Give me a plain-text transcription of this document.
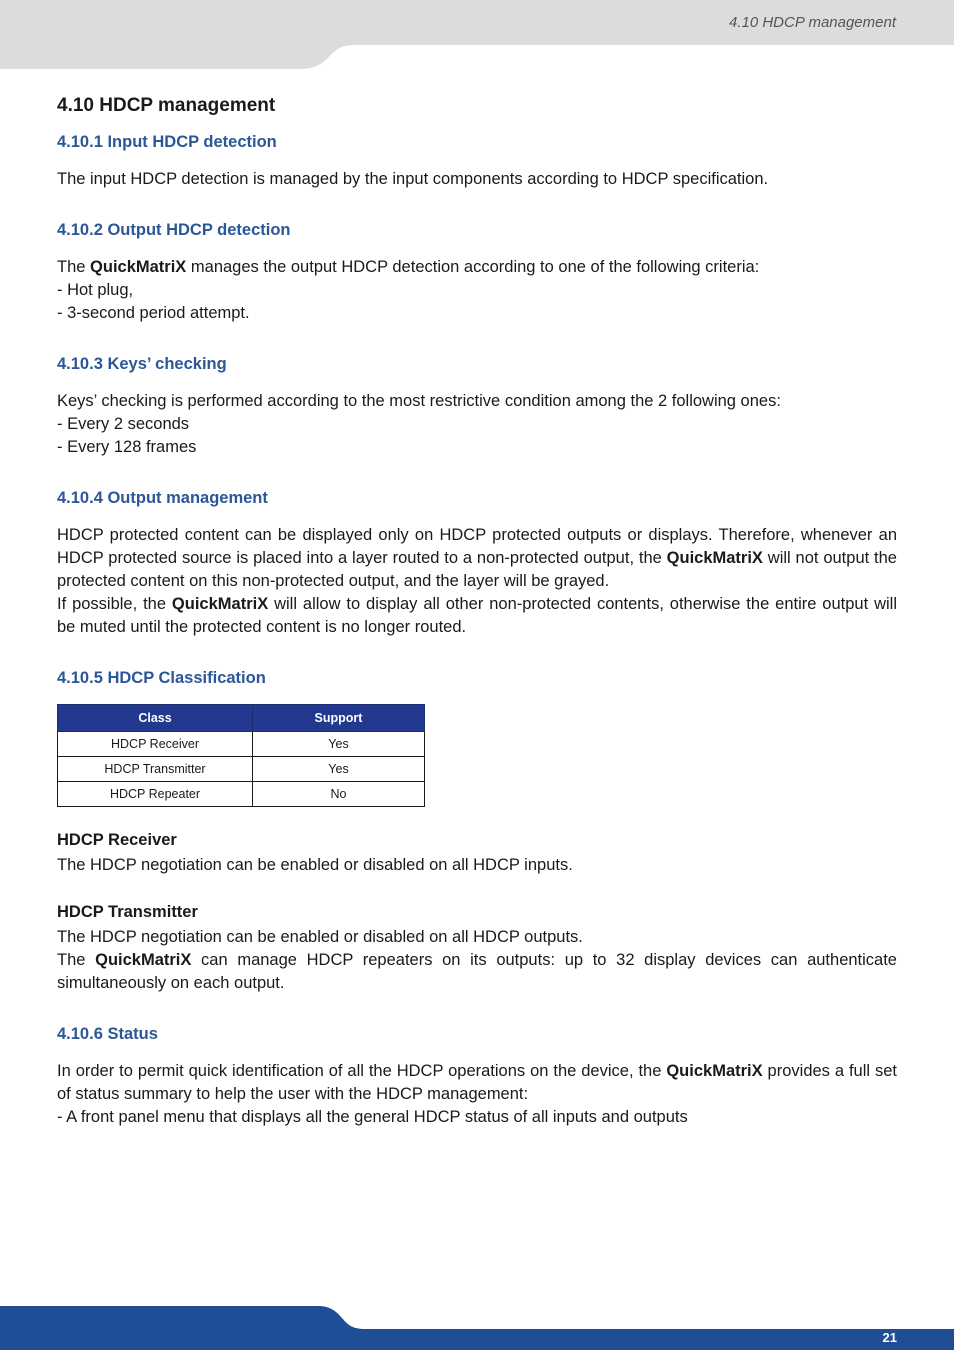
4.10 HDCP management
21
4.10 HDCP management
4.10.1 Input HDCP detection

The input HDCP detection is managed by the input components according to HDCP specification.

4.10.2 Output HDCP detection

The QuickMatriX manages the output HDCP detection according to one of the following criteria:

- Hot plug,

- 3-second period attempt.

4.10.3 Keys’ checking

Keys’ checking is performed according to the most restrictive condition among the 2 following ones:

- Every 2 seconds

- Every 128 frames

4.10.4 Output management

HDCP protected content can be displayed only on HDCP protected outputs or displays. Therefore, whenever an HDCP protected source is placed into a layer routed to a non-protected output, the QuickMatriX will not output the protected content on this non-protected output, and the layer will be grayed.

If possible, the QuickMatriX will allow to display all other non-protected contents, otherwise the entire output will be muted until the protected content is no longer routed.

4.10.5 HDCP Classification
Class	Support
HDCP Receiver	Yes
HDCP Transmitter	Yes
HDCP Repeater	No
HDCP Receiver

The HDCP negotiation can be enabled or disabled on all HDCP inputs.

HDCP Transmitter

The HDCP negotiation can be enabled or disabled on all HDCP outputs.

The QuickMatriX can manage HDCP repeaters on its outputs: up to 32 display devices can authenticate simultaneously on each output.

4.10.6 Status

In order to permit quick identification of all the HDCP operations on the device, the QuickMatriX provides a full set of status summary to help the user with the HDCP management:

- A front panel menu that displays all the general HDCP status of all inputs and outputs
